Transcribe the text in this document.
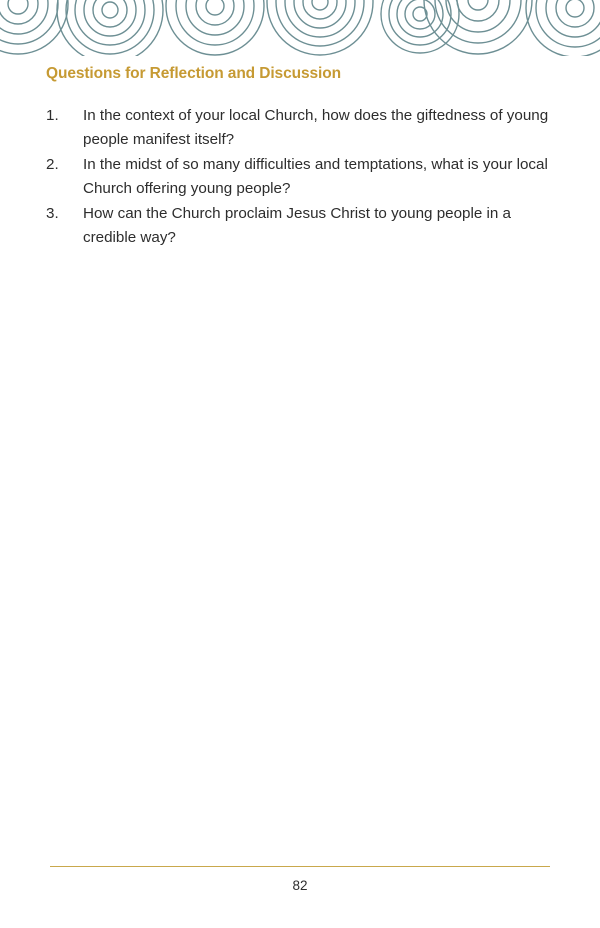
Questions for Reflection and Discussion
1.	In the context of your local Church, how does the giftedness of young people manifest itself?
2.	In the midst of so many difficulties and temptations, what is your local Church offering young people?
3.	How can the Church proclaim Jesus Christ to young people in a credible way?
82
